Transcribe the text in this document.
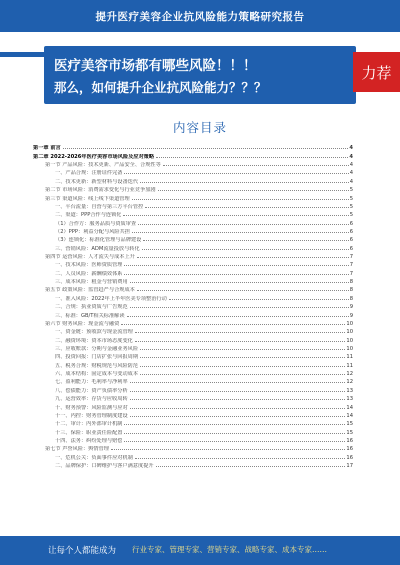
提升医疗美容企业抗风险能力策略研究报告
医疗美容市场都有哪些风险！！！
那么，如何提升企业抗风险能力？？？
力荐
内容目录
第一章 前言	4
第二章 2022-2026年医疗美容市场风险及应对策略	4
第一节 产品风险：技术更新、产品安全、合规性等	4
一、产品合规：注册证件完备	4
二、技术更新：新型材料与设备迭代	4
第二节 市场风险：消费需求变化与行业竞争加剧	5
第三节 渠道风险：线上线下渠道管理	5
一、平台流量：自营与第三方平台管控	5
二、渠道：PPP合作与连锁化	5
（1）合作方：服务品质与资质审查	6
（2）PPP：利益分配与风险共担	6
（3）连锁化：标准化管理与品牌建设	6
三、营销风险：ADM流量投放与转化	6
第四节 运营风险：人才流失与成本上升	7
一、技术风险：医师资质管理	7
二、人员风险：薪酬绩效体系	7
三、成本风险：租金与营销费用	8
第五节 政策风险：监管趋严与合规成本	8
一、准入风险：2022年上半年医美专项整治行动	8
二、合规：执业资质与广告规范	9
三、标准：GB/T相关标准解读	9
第六节 财务风险：现金流与融资	10
一、资金链：预收款与现金流管理	10
二、融资环境：资本市场态度变化	10
三、应收账款：分期与金融业务风险	10
四、投资回报：门店扩张与回报周期	11
五、税务合规：财税规范与风险防范	11
六、成本结构：固定成本与变动成本	12
七、盈利能力：毛利率与净利率	12
八、偿债能力：资产负债率分析	13
九、运营效率：存货与应收周转	13
十、财务预警：风险监测与应对	14
十一、内控：财务管理制度建设	14
十二、审计：内外部审计机制	15
十三、保险：职业责任险配置	15
十四、法务：纠纷处理与赔偿	16
第七节 声誉风险：舆情管理	16
一、危机公关：负面事件应对机制	16
二、品牌保护：口碑维护与客户满意度提升	17
让每个人都能成为 行业专家、管理专家、营销专家、战略专家、成本专家……
